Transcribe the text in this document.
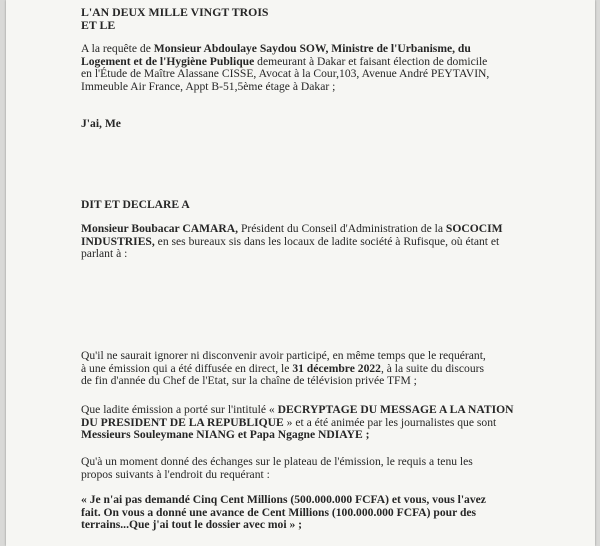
L'AN DEUX MILLE VINGT TROIS
ET LE
A la requête de Monsieur Abdoulaye Saydou SOW, Ministre de l'Urbanisme, du
Logement et de l'Hygiène Publique demeurant à Dakar et faisant élection de domicile
en l'Étude de Maître Alassane CISSE, Avocat à la Cour,103, Avenue André PEYTAVIN,
Immeuble Air France, Appt B-51,5ème étage à Dakar ;
J'ai, Me
DIT ET DECLARE A
Monsieur Boubacar CAMARA, Président du Conseil d'Administration de la SOCOCIM
INDUSTRIES, en ses bureaux sis dans les locaux de ladite société à Rufisque, où étant et
parlant à :
Qu'il ne saurait ignorer ni disconvenir avoir participé, en même temps que le requérant,
à une émission qui a été diffusée en direct, le 31 décembre 2022, à la suite du discours
de fin d'année du Chef de l'Etat, sur la chaîne de télévision privée TFM ;
Que ladite émission a porté sur l'intitulé « DECRYPTAGE DU MESSAGE A LA NATION
DU PRESIDENT DE LA REPUBLIQUE » et a été animée par les journalistes que sont
Messieurs Souleymane NIANG et Papa Ngagne NDIAYE ;
Qu'à un moment donné des échanges sur le plateau de l'émission, le requis a tenu les
propos suivants à l'endroit du requérant :
« Je n'ai pas demandé Cinq Cent Millions (500.000.000 FCFA) et vous, vous l'avez
fait. On vous a donné une avance de Cent Millions (100.000.000 FCFA) pour des
terrains...Que j'ai tout le dossier avec moi » ;
